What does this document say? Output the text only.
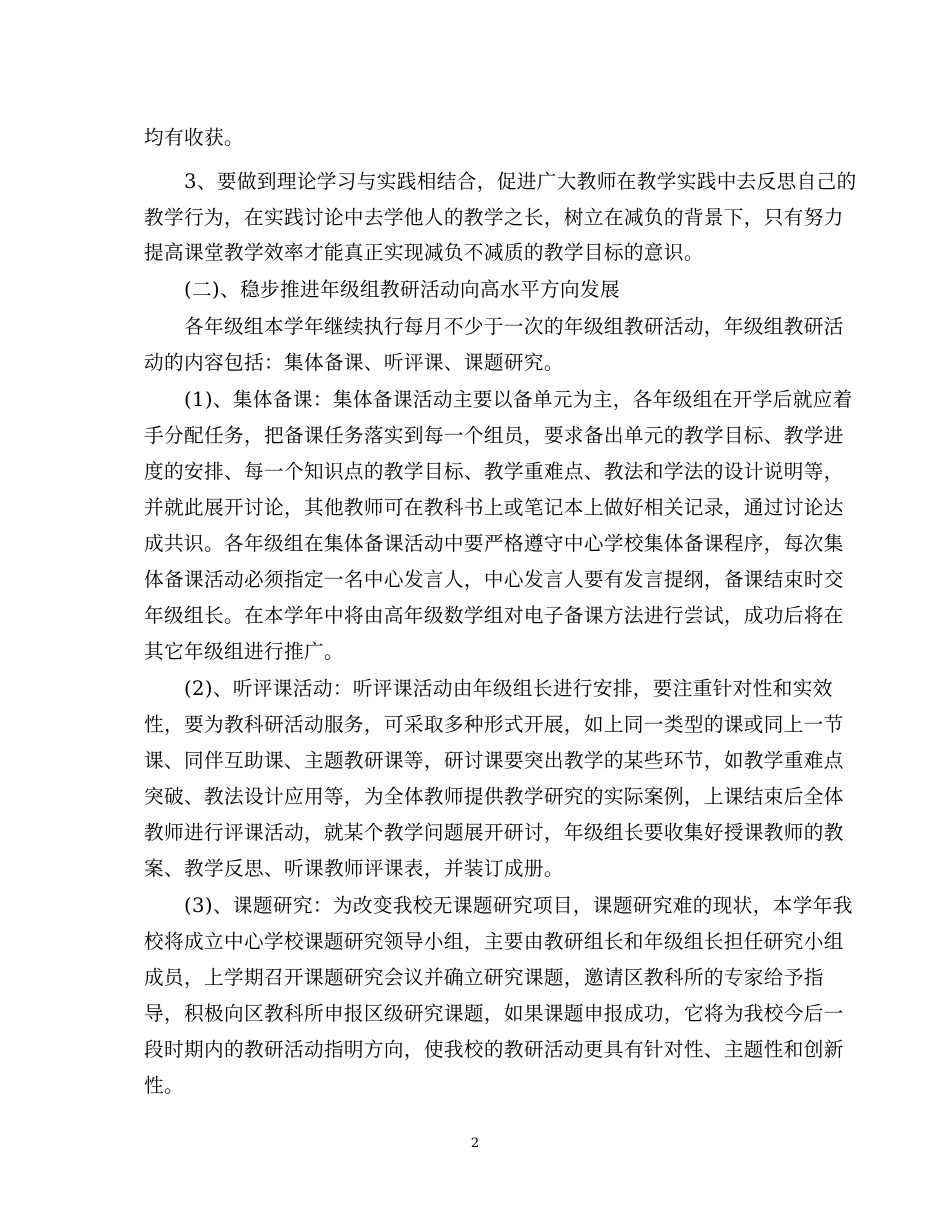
均有收获。
　　3、要做到理论学习与实践相结合，促进广大教师在教学实践中去反思自己的
教学行为，在实践讨论中去学他人的教学之长，树立在减负的背景下，只有努力
提高课堂教学效率才能真正实现减负不减质的教学目标的意识。
　　(二)、稳步推进年级组教研活动向高水平方向发展
　　各年级组本学年继续执行每月不少于一次的年级组教研活动，年级组教研活
动的内容包括：集体备课、听评课、课题研究。
　　(1)、集体备课：集体备课活动主要以备单元为主，各年级组在开学后就应着
手分配任务，把备课任务落实到每一个组员，要求备出单元的教学目标、教学进
度的安排、每一个知识点的教学目标、教学重难点、教法和学法的设计说明等，
并就此展开讨论，其他教师可在教科书上或笔记本上做好相关记录，通过讨论达
成共识。各年级组在集体备课活动中要严格遵守中心学校集体备课程序，每次集
体备课活动必须指定一名中心发言人，中心发言人要有发言提纲，备课结束时交
年级组长。在本学年中将由高年级数学组对电子备课方法进行尝试，成功后将在
其它年级组进行推广。
　　(2)、听评课活动：听评课活动由年级组长进行安排，要注重针对性和实效
性，要为教科研活动服务，可采取多种形式开展，如上同一类型的课或同上一节
课、同伴互助课、主题教研课等，研讨课要突出教学的某些环节，如教学重难点
突破、教法设计应用等，为全体教师提供教学研究的实际案例，上课结束后全体
教师进行评课活动，就某个教学问题展开研讨，年级组长要收集好授课教师的教
案、教学反思、听课教师评课表，并装订成册。
　　(3)、课题研究：为改变我校无课题研究项目，课题研究难的现状，本学年我
校将成立中心学校课题研究领导小组，主要由教研组长和年级组长担任研究小组
成员，上学期召开课题研究会议并确立研究课题，邀请区教科所的专家给予指
导，积极向区教科所申报区级研究课题，如果课题申报成功，它将为我校今后一
段时期内的教研活动指明方向，使我校的教研活动更具有针对性、主题性和创新
性。
2
